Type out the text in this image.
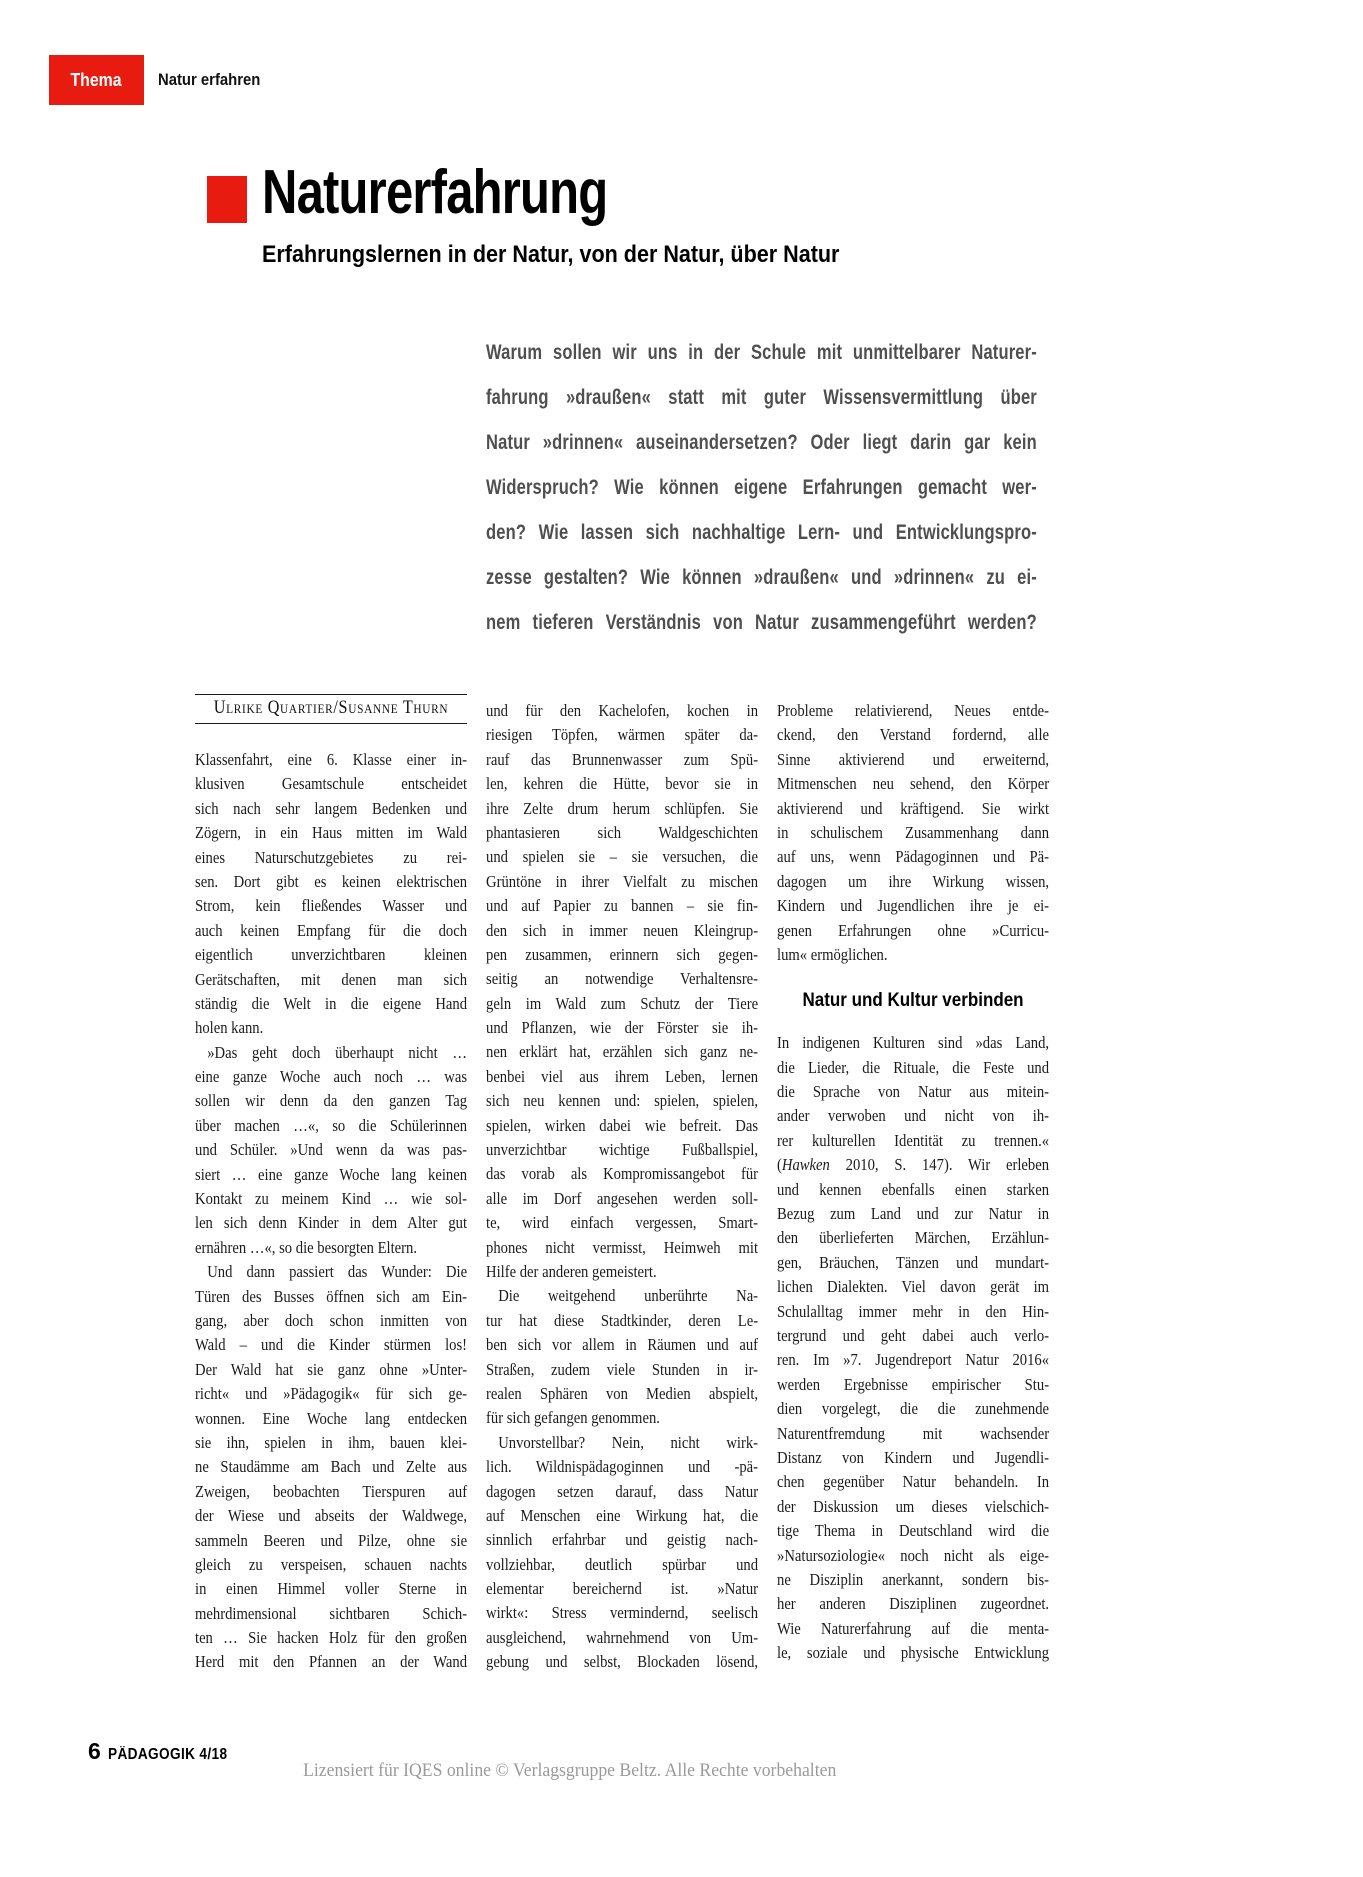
Thema Natur erfahren
Naturerfahrung
Erfahrungslernen in der Natur, von der Natur, über Natur
Warum sollen wir uns in der Schule mit unmittelbarer Naturer-
fahrung »draußen« statt mit guter Wissensvermittlung über
Natur »drinnen« auseinandersetzen? Oder liegt darin gar kein
Widerspruch? Wie können eigene Erfahrungen gemacht wer-
den? Wie lassen sich nachhaltige Lern- und Entwicklungspro-
zesse gestalten? Wie können »draußen« und »drinnen« zu ei-
nem tieferen Verständnis von Natur zusammengeführt werden?
Ulrike Quartier/Susanne Thurn
Klassenfahrt, eine 6. Klasse einer in-
klusiven Gesamtschule entscheidet
sich nach sehr langem Bedenken und
Zögern, in ein Haus mitten im Wald
eines Naturschutzgebietes zu rei-
sen. Dort gibt es keinen elektrischen
Strom, kein fließendes Wasser und
auch keinen Empfang für die doch
eigentlich unverzichtbaren kleinen
Gerätschaften, mit denen man sich
ständig die Welt in die eigene Hand
holen kann.
»Das geht doch überhaupt nicht …
eine ganze Woche auch noch … was
sollen wir denn da den ganzen Tag
über machen …«, so die Schülerinnen
und Schüler. »Und wenn da was pas-
siert … eine ganze Woche lang keinen
Kontakt zu meinem Kind … wie sol-
len sich denn Kinder in dem Alter gut
ernähren …«, so die besorgten Eltern.
Und dann passiert das Wunder: Die
Türen des Busses öffnen sich am Ein-
gang, aber doch schon inmitten von
Wald – und die Kinder stürmen los!
Der Wald hat sie ganz ohne »Unter-
richt« und »Pädagogik« für sich ge-
wonnen. Eine Woche lang entdecken
sie ihn, spielen in ihm, bauen klei-
ne Staudämme am Bach und Zelte aus
Zweigen, beobachten Tierspuren auf
der Wiese und abseits der Waldwege,
sammeln Beeren und Pilze, ohne sie
gleich zu verspeisen, schauen nachts
in einen Himmel voller Sterne in
mehrdimensional sichtbaren Schich-
ten … Sie hacken Holz für den großen
Herd mit den Pfannen an der Wand
und für den Kachelofen, kochen in
riesigen Töpfen, wärmen später da-
rauf das Brunnenwasser zum Spü-
len, kehren die Hütte, bevor sie in
ihre Zelte drum herum schlüpfen. Sie
phantasieren sich Waldgeschichten
und spielen sie – sie versuchen, die
Grüntöne in ihrer Vielfalt zu mischen
und auf Papier zu bannen – sie fin-
den sich in immer neuen Kleingrup-
pen zusammen, erinnern sich gegen-
seitig an notwendige Verhaltensre-
geln im Wald zum Schutz der Tiere
und Pflanzen, wie der Förster sie ih-
nen erklärt hat, erzählen sich ganz ne-
benbei viel aus ihrem Leben, lernen
sich neu kennen und: spielen, spielen,
spielen, wirken dabei wie befreit. Das
unverzichtbar wichtige Fußballspiel,
das vorab als Kompromissangebot für
alle im Dorf angesehen werden soll-
te, wird einfach vergessen, Smart-
phones nicht vermisst, Heimweh mit
Hilfe der anderen gemeistert.
Die weitgehend unberührte Na-
tur hat diese Stadtkinder, deren Le-
ben sich vor allem in Räumen und auf
Straßen, zudem viele Stunden in ir-
realen Sphären von Medien abspielt,
für sich gefangen genommen.
Unvorstellbar? Nein, nicht wirk-
lich. Wildnispädagoginnen und -pä-
dagogen setzen darauf, dass Natur
auf Menschen eine Wirkung hat, die
sinnlich erfahrbar und geistig nach-
vollziehbar, deutlich spürbar und
elementar bereichernd ist. »Natur
wirkt«: Stress vermindernd, seelisch
ausgleichend, wahrnehmend von Um-
gebung und selbst, Blockaden lösend,
Probleme relativierend, Neues entde-
ckend, den Verstand fordernd, alle
Sinne aktivierend und erweiternd,
Mitmenschen neu sehend, den Körper
aktivierend und kräftigend. Sie wirkt
in schulischem Zusammenhang dann
auf uns, wenn Pädagoginnen und Pä-
dagogen um ihre Wirkung wissen,
Kindern und Jugendlichen ihre je ei-
genen Erfahrungen ohne »Curricu-
lum« ermöglichen.
Natur und Kultur verbinden
In indigenen Kulturen sind »das Land,
die Lieder, die Rituale, die Feste und
die Sprache von Natur aus mitein-
ander verwoben und nicht von ih-
rer kulturellen Identität zu trennen.«
(Hawken 2010, S. 147). Wir erleben
und kennen ebenfalls einen starken
Bezug zum Land und zur Natur in
den überlieferten Märchen, Erzählun-
gen, Bräuchen, Tänzen und mundart-
lichen Dialekten. Viel davon gerät im
Schulalltag immer mehr in den Hin-
tergrund und geht dabei auch verlo-
ren. Im »7. Jugendreport Natur 2016«
werden Ergebnisse empirischer Stu-
dien vorgelegt, die die zunehmende
Naturentfremdung mit wachsender
Distanz von Kindern und Jugendli-
chen gegenüber Natur behandeln. In
der Diskussion um dieses vielschich-
tige Thema in Deutschland wird die
»Natursoziologie« noch nicht als eige-
ne Disziplin anerkannt, sondern bis-
her anderen Disziplinen zugeordnet.
Wie Naturerfahrung auf die menta-
le, soziale und physische Entwicklung
6 PÄDAGOGIK 4/18
Lizensiert für IQES online © Verlagsgruppe Beltz. Alle Rechte vorbehalten
